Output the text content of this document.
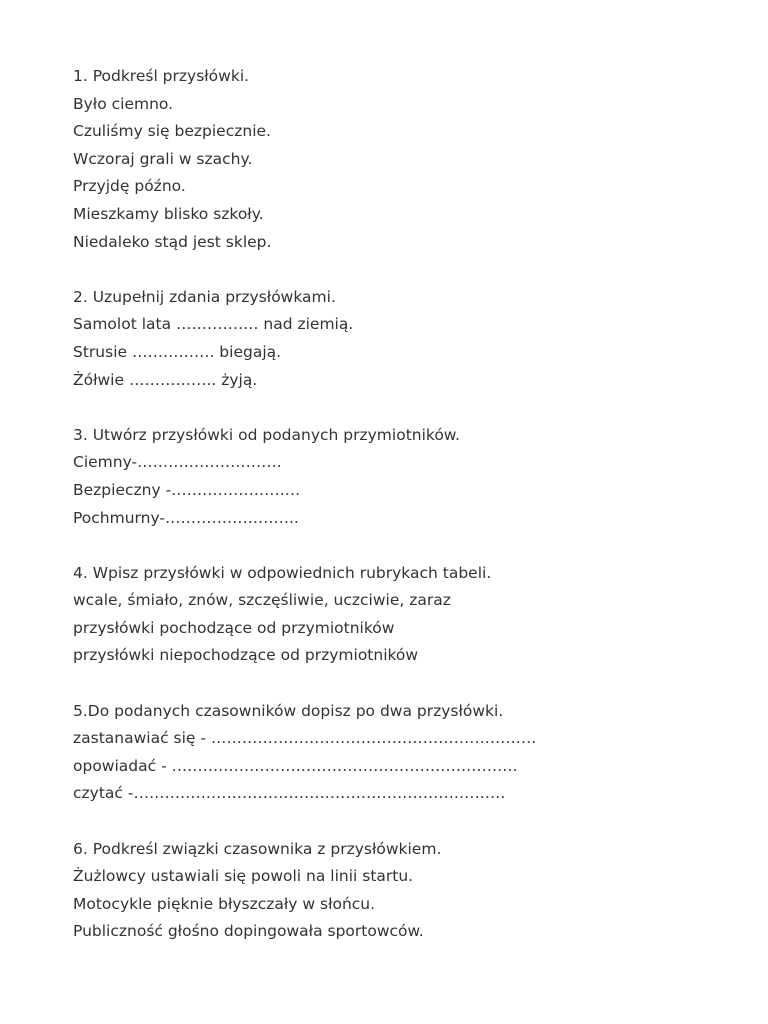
1. Podkreśl przysłówki.
Było ciemno.
Czuliśmy się bezpiecznie.
Wczoraj grali w szachy.
Przyjdę późno.
Mieszkamy blisko szkoły.
Niedaleko stąd jest sklep.
2. Uzupełnij zdania przysłówkami.
Samolot lata ……………. nad ziemią.
Strusie ……………. biegają.
Żółwie …………….. żyją.
3. Utwórz przysłówki od podanych przymiotników.
Ciemny-……………………….
Bezpieczny -…………………….
Pochmurny-……………………..
4. Wpisz przysłówki w odpowiednich rubrykach tabeli.
wcale, śmiało, znów, szczęśliwie, uczciwie, zaraz
przysłówki pochodzące od przymiotników
przysłówki niepochodzące od przymiotników
5.Do podanych czasowników dopisz po dwa przysłówki.
zastanawiać się - ………………………………………………………
opowiadać - ………………………………………………………….
czytać -………………………………………………………………
6. Podkreśl związki czasownika z przysłówkiem.
Żużlowcy ustawiali się powoli na linii startu.
Motocykle pięknie błyszczały w słońcu.
Publiczność głośno dopingowała sportowców.
